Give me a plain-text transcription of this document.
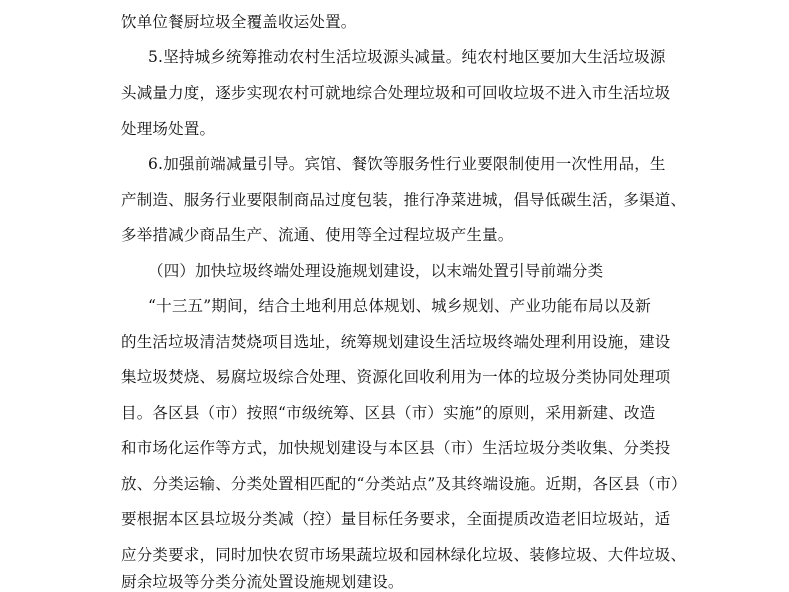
饮单位餐厨垃圾全覆盖收运处置。
5.坚持城乡统筹推动农村生活垃圾源头减量。纯农村地区要加大生活垃圾源
头减量力度，逐步实现农村可就地综合处理垃圾和可回收垃圾不进入市生活垃圾
处理场处置。
6.加强前端减量引导。宾馆、餐饮等服务性行业要限制使用一次性用品，生
产制造、服务行业要限制商品过度包装，推行净菜进城，倡导低碳生活，多渠道、
多举措减少商品生产、流通、使用等全过程垃圾产生量。
（四）加快垃圾终端处理设施规划建设，以末端处置引导前端分类
“十三五”期间，结合土地利用总体规划、城乡规划、产业功能布局以及新
的生活垃圾清洁焚烧项目选址，统筹规划建设生活垃圾终端处理利用设施，建设
集垃圾焚烧、易腐垃圾综合处理、资源化回收利用为一体的垃圾分类协同处理项
目。各区县（市）按照“市级统筹、区县（市）实施”的原则，采用新建、改造
和市场化运作等方式，加快规划建设与本区县（市）生活垃圾分类收集、分类投
放、分类运输、分类处置相匹配的“分类站点”及其终端设施。近期，各区县（市）
要根据本区县垃圾分类减（控）量目标任务要求，全面提质改造老旧垃圾站，适
应分类要求，同时加快农贸市场果蔬垃圾和园林绿化垃圾、装修垃圾、大件垃圾、
厨余垃圾等分类分流处置设施规划建设。
